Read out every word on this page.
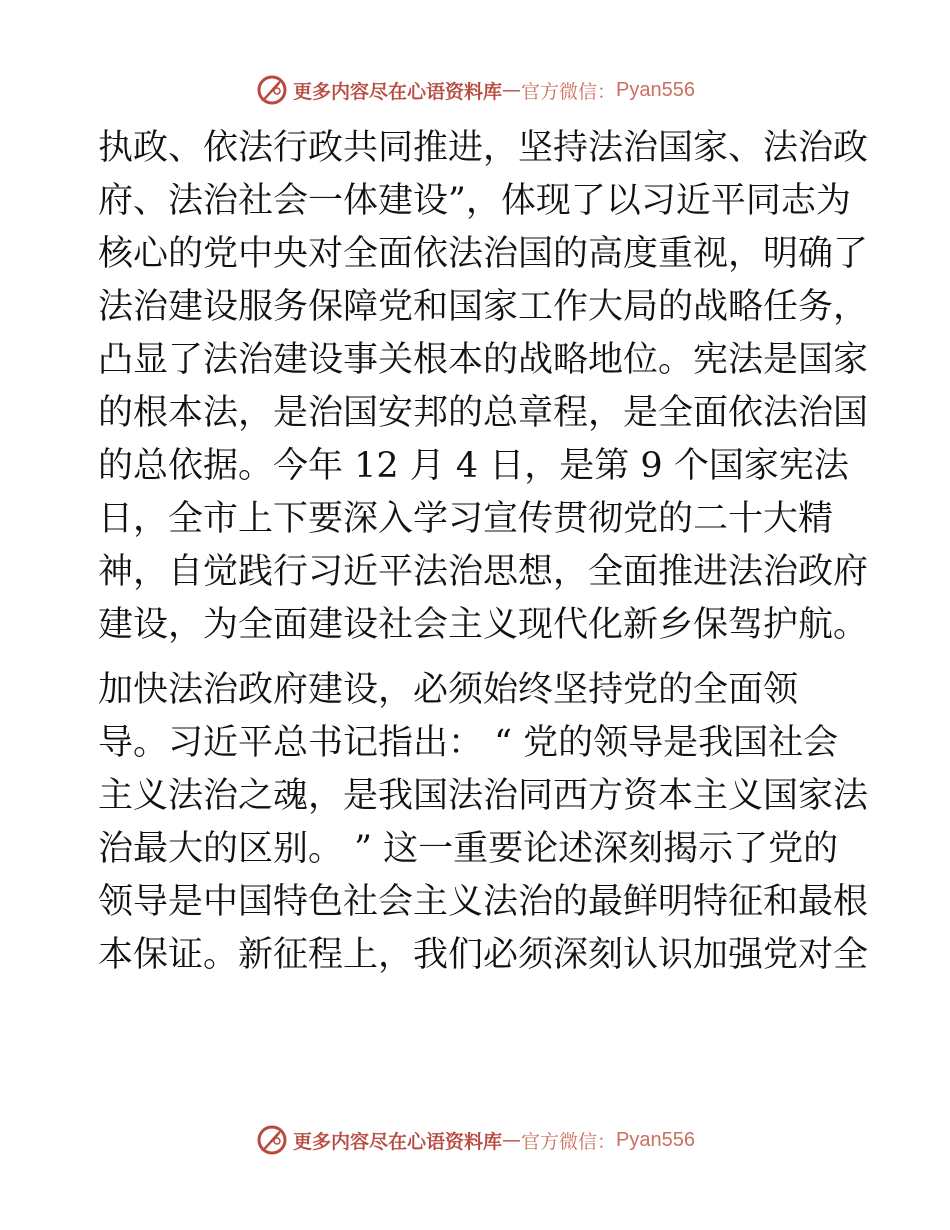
更多内容尽在心语资料库 — 官方微信： Pyan556
执政、依法行政共同推进，坚持法治国家、法治政
府、法治社会一体建设”，体现了以习近平同志为
核心的党中央对全面依法治国的高度重视，明确了
法治建设服务保障党和国家工作大局的战略任务，
凸显了法治建设事关根本的战略地位。宪法是国家
的根本法，是治国安邦的总章程，是全面依法治国
的总依据。今年 12 月 4 日，是第 9 个国家宪法
日，全市上下要深入学习宣传贯彻党的二十大精
神，自觉践行习近平法治思想，全面推进法治政府
建设，为全面建设社会主义现代化新乡保驾护航。
加快法治政府建设，必须始终坚持党的全面领
导。习近平总书记指出： “ 党的领导是我国社会
主义法治之魂，是我国法治同西方资本主义国家法
治最大的区别。 ” 这一重要论述深刻揭示了党的
领导是中国特色社会主义法治的最鲜明特征和最根
本保证。新征程上，我们必须深刻认识加强党对全
更多内容尽在心语资料库 — 官方微信： Pyan556
